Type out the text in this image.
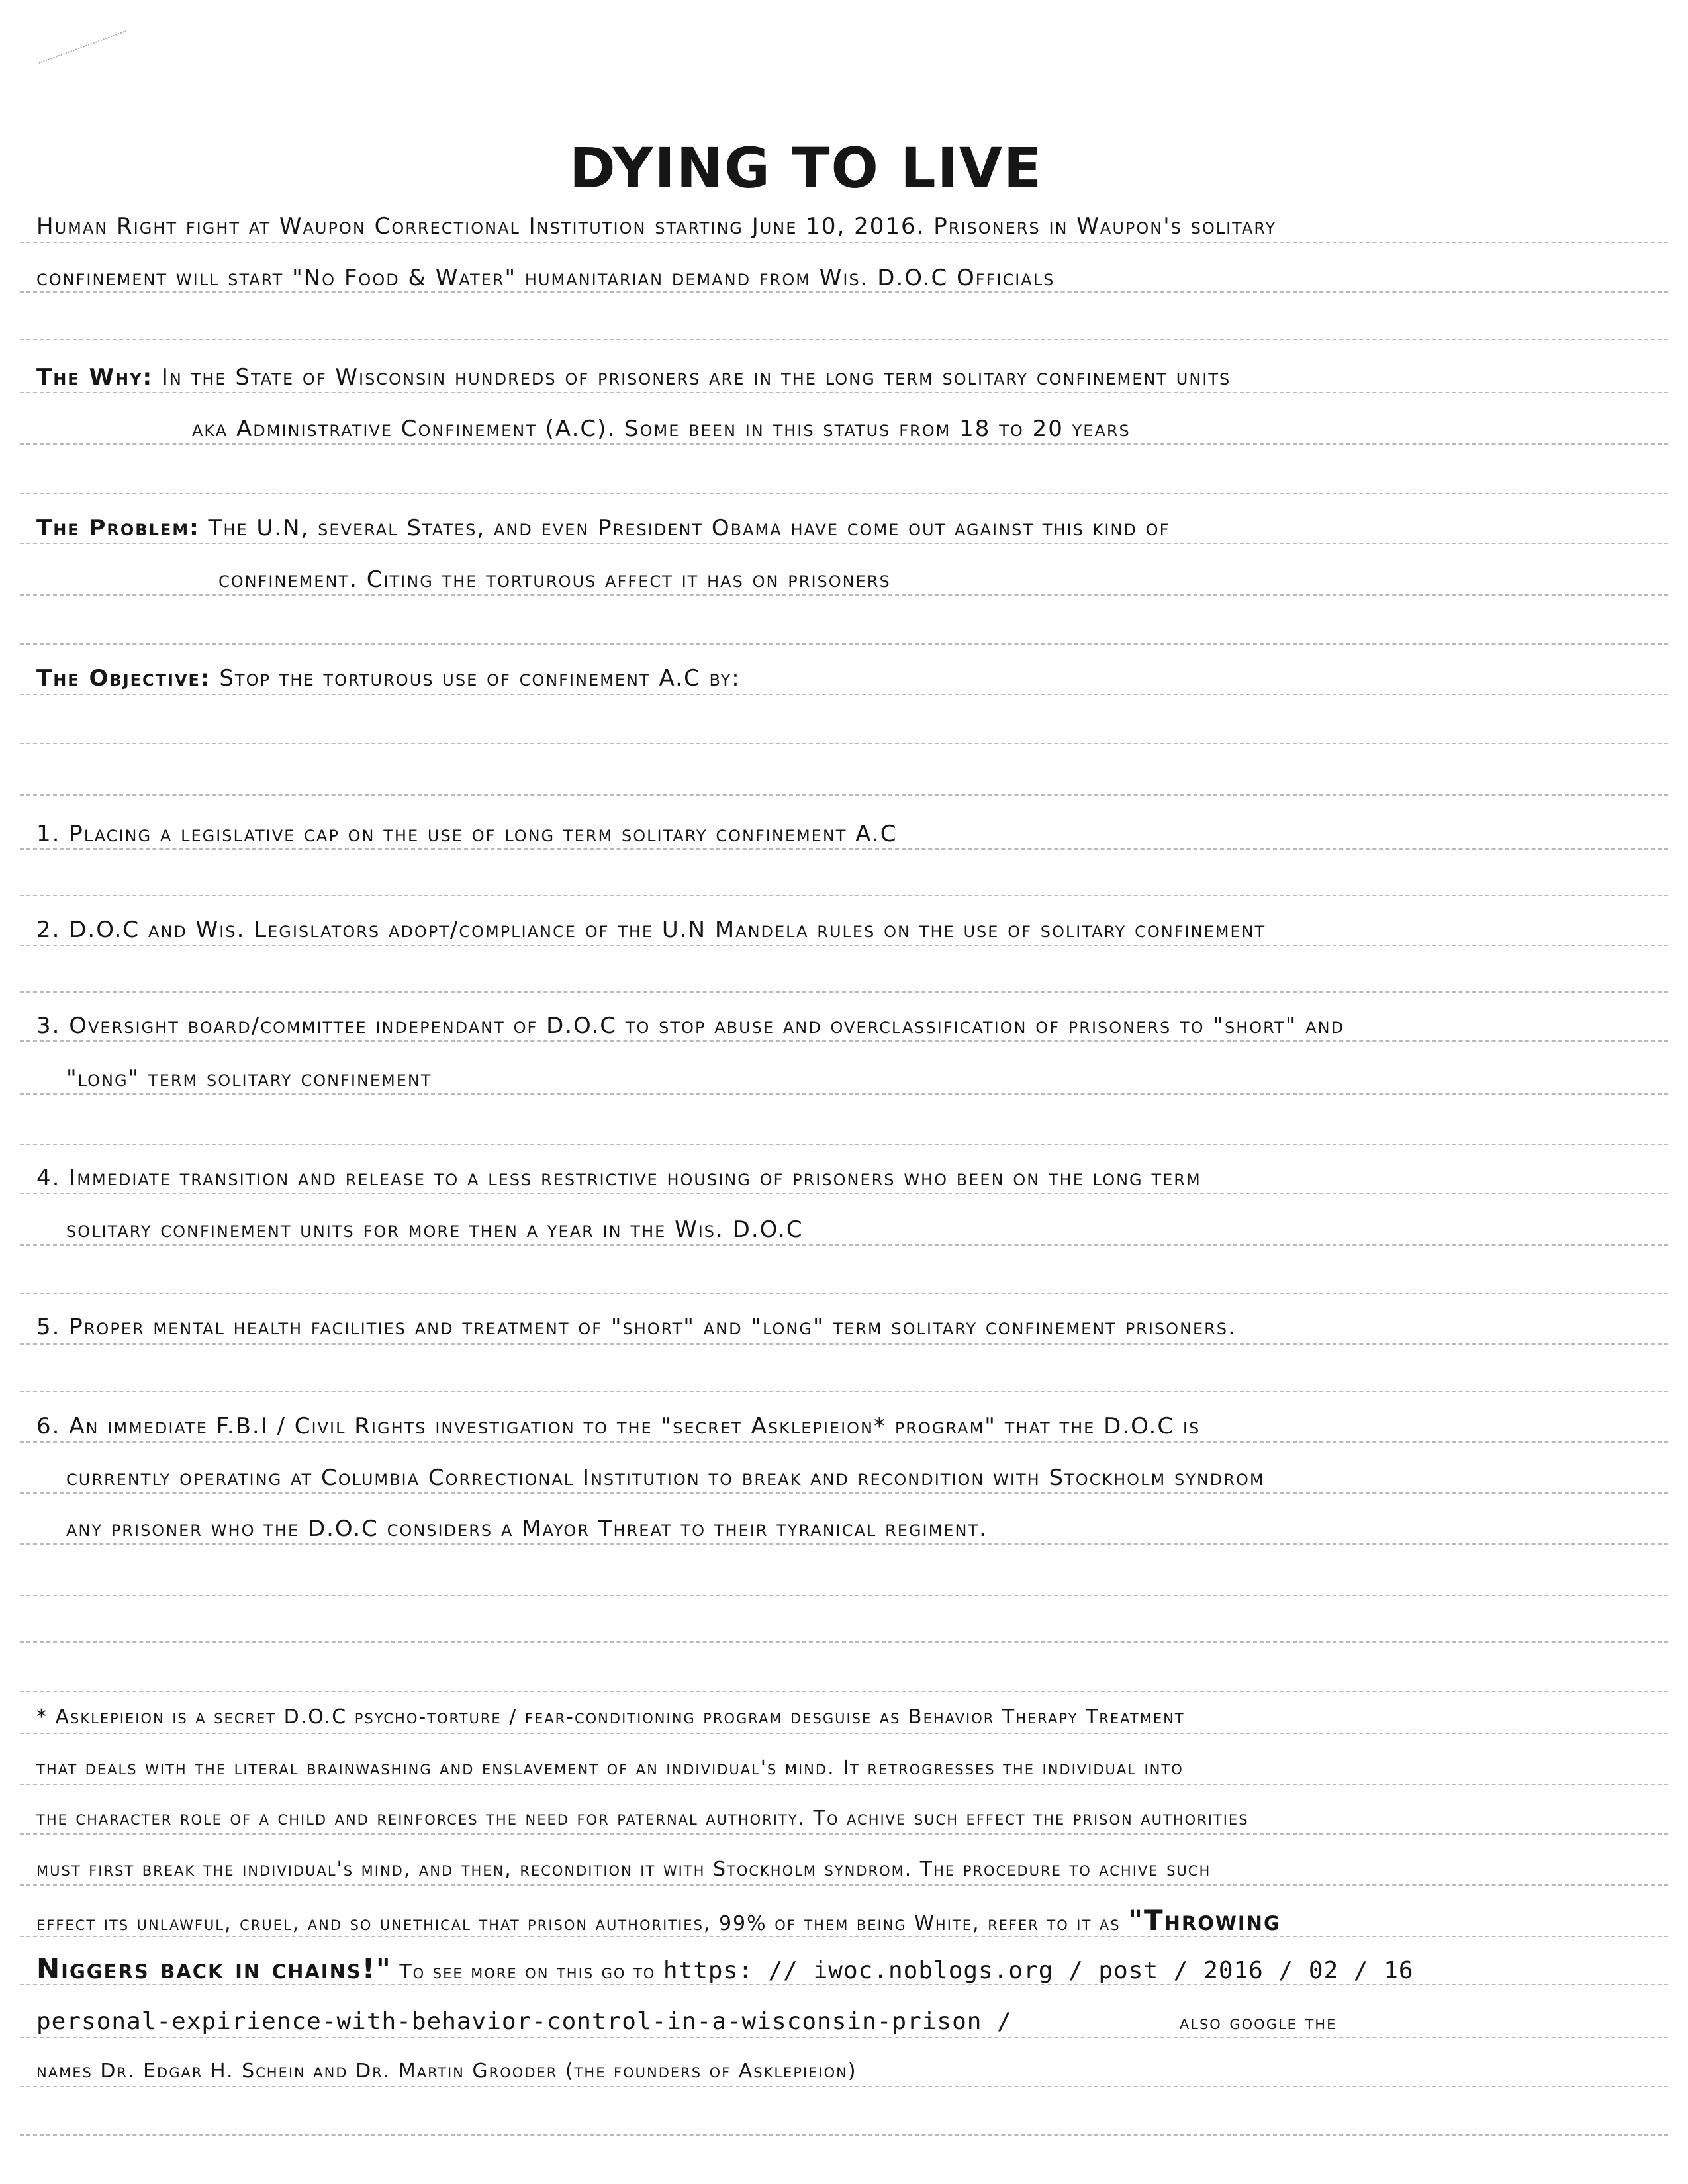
DYING TO LIVE
Human Right fight at Waupon Correctional Institution starting June 10, 2016. Prisoners in Waupon's solitary
confinement will start "No Food & Water" humanitarian demand from Wis. D.O.C Officials
The Why: In the State of Wisconsin hundreds of prisoners are in the long term solitary confinement units
aka Administrative Confinement (A.C). Some been in this status from 18 to 20 years
The Problem: The U.N, several States, and even President Obama have come out against this kind of
confinement. Citing the torturous affect it has on prisoners
The Objective: Stop the torturous use of confinement A.C by:
1. Placing a legislative cap on the use of long term solitary confinement A.C
2. D.O.C and Wis. Legislators adopt/compliance of the U.N Mandela rules on the use of solitary confinement
3. Oversight board/committee independant of D.O.C to stop abuse and overclassification of prisoners to "short" and
"long" term solitary confinement
4. Immediate transition and release to a less restrictive housing of prisoners who been on the long term
solitary confinement units for more then a year in the Wis. D.O.C
5. Proper mental health facilities and treatment of "short" and "long" term solitary confinement prisoners.
6. An immediate F.B.I / Civil Rights investigation to the "secret Asklepieion* program" that the D.O.C is
currently operating at Columbia Correctional Institution to break and recondition with Stockholm syndrom
any prisoner who the D.O.C considers a Mayor Threat to their tyranical regiment.
* Asklepieion is a secret D.O.C psycho-torture / fear-conditioning program desguise as Behavior Therapy Treatment
that deals with the literal brainwashing and enslavement of an individual's mind. It retrogresses the individual into
the character role of a child and reinforces the need for paternal authority. To achive such effect the prison authorities
must first break the individual's mind, and then, recondition it with Stockholm syndrom. The procedure to achive such
effect its unlawful, cruel, and so unethical that prison authorities, 99% of them being White, refer to it as "Throwing
Niggers back in chains!" To see more on this go to https: // iwoc.noblogs.org / post / 2016 / 02 / 16
personal-expirience-with-behavior-control-in-a-wisconsin-prison /	also google the
names Dr. Edgar H. Schein and Dr. Martin Grooder (the founders of Asklepieion)
